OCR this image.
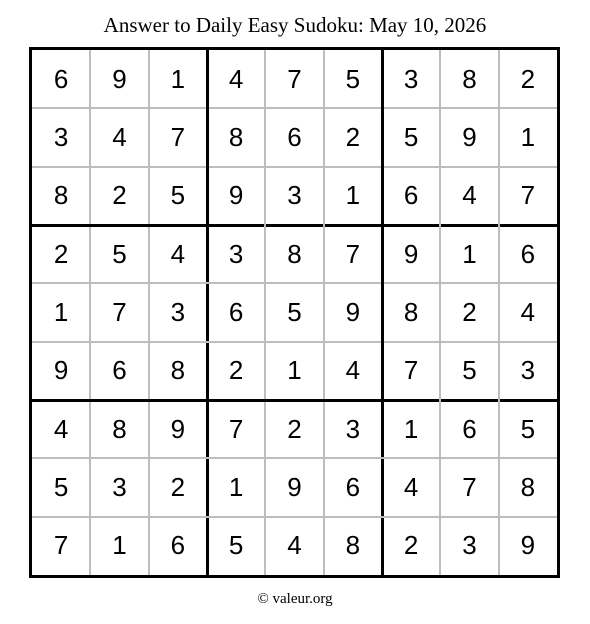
Answer to Daily Easy Sudoku: May 10, 2026
6	9	1	4	7	5	3	8	2
3	4	7	8	6	2	5	9	1
8	2	5	9	3	1	6	4	7
2	5	4	3	8	7	9	1	6
1	7	3	6	5	9	8	2	4
9	6	8	2	1	4	7	5	3
4	8	9	7	2	3	1	6	5
5	3	2	1	9	6	4	7	8
7	1	6	5	4	8	2	3	9
© valeur.org
